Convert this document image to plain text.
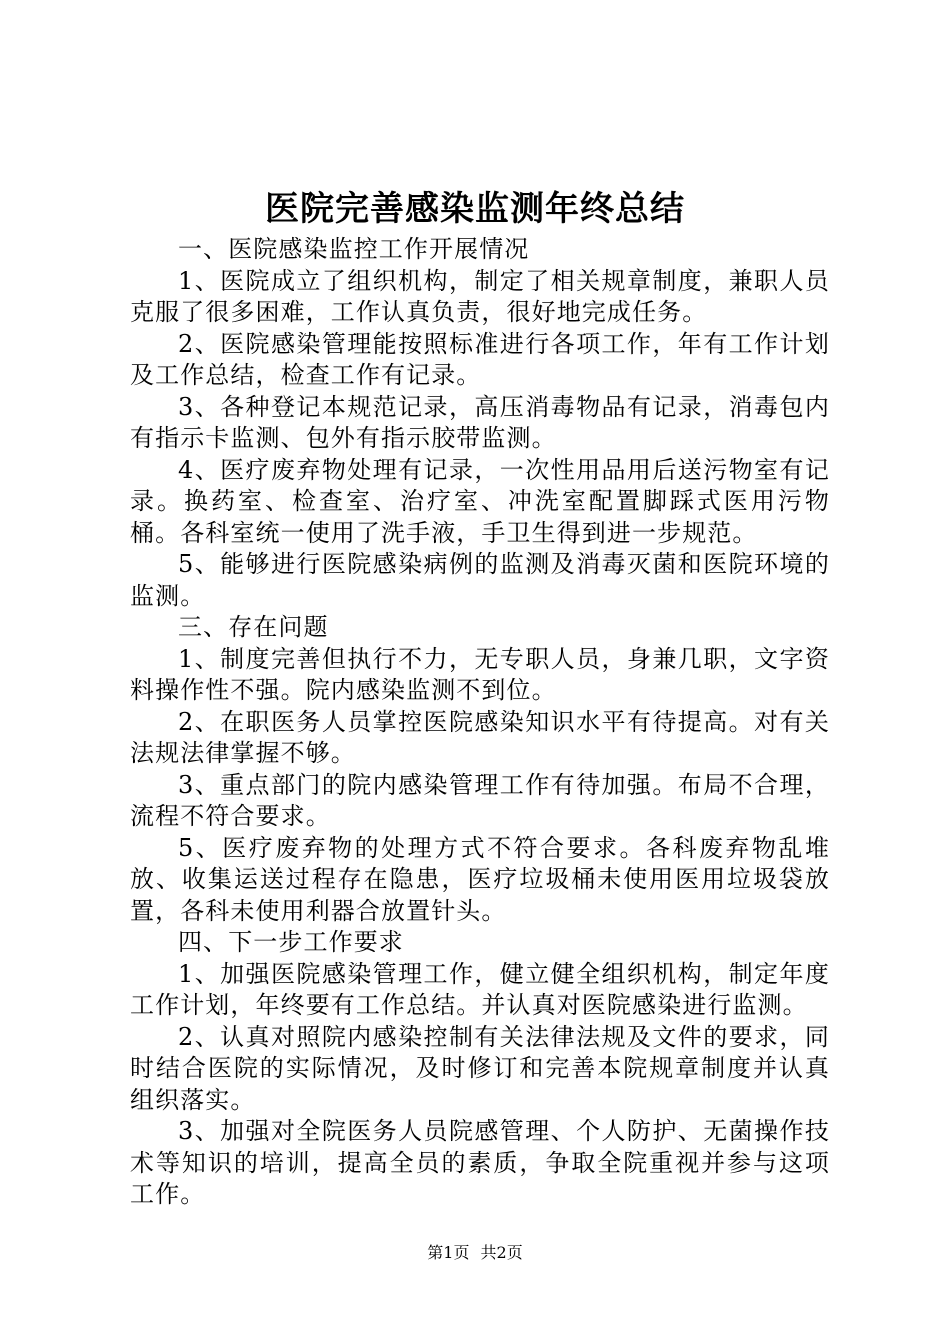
医院完善感染监测年终总结

一、医院感染监控工作开展情况

1、医院成立了组织机构，制定了相关规章制度，兼职人员克服了很多困难，工作认真负责，很好地完成任务。

2、医院感染管理能按照标准进行各项工作，年有工作计划及工作总结，检查工作有记录。

3、各种登记本规范记录，高压消毒物品有记录，消毒包内有指示卡监测、包外有指示胶带监测。

4、医疗废弃物处理有记录，一次性用品用后送污物室有记录。换药室、检查室、治疗室、冲洗室配置脚踩式医用污物桶。各科室统一使用了洗手液，手卫生得到进一步规范。

5、能够进行医院感染病例的监测及消毒灭菌和医院环境的监测。

三、存在问题

1、制度完善但执行不力，无专职人员，身兼几职，文字资料操作性不强。院内感染监测不到位。

2、在职医务人员掌控医院感染知识水平有待提高。对有关法规法律掌握不够。

3、重点部门的院内感染管理工作有待加强。布局不合理，流程不符合要求。

5、医疗废弃物的处理方式不符合要求。各科废弃物乱堆放、收集运送过程存在隐患，医疗垃圾桶未使用医用垃圾袋放置，各科未使用利器合放置针头。

四、下一步工作要求

1、加强医院感染管理工作，健立健全组织机构，制定年度工作计划，年终要有工作总结。并认真对医院感染进行监测。

2、认真对照院内感染控制有关法律法规及文件的要求，同时结合医院的实际情况，及时修订和完善本院规章制度并认真组织落实。

3、加强对全院医务人员院感管理、个人防护、无菌操作技术等知识的培训，提高全员的素质，争取全院重视并参与这项工作。

第1页 共2页
